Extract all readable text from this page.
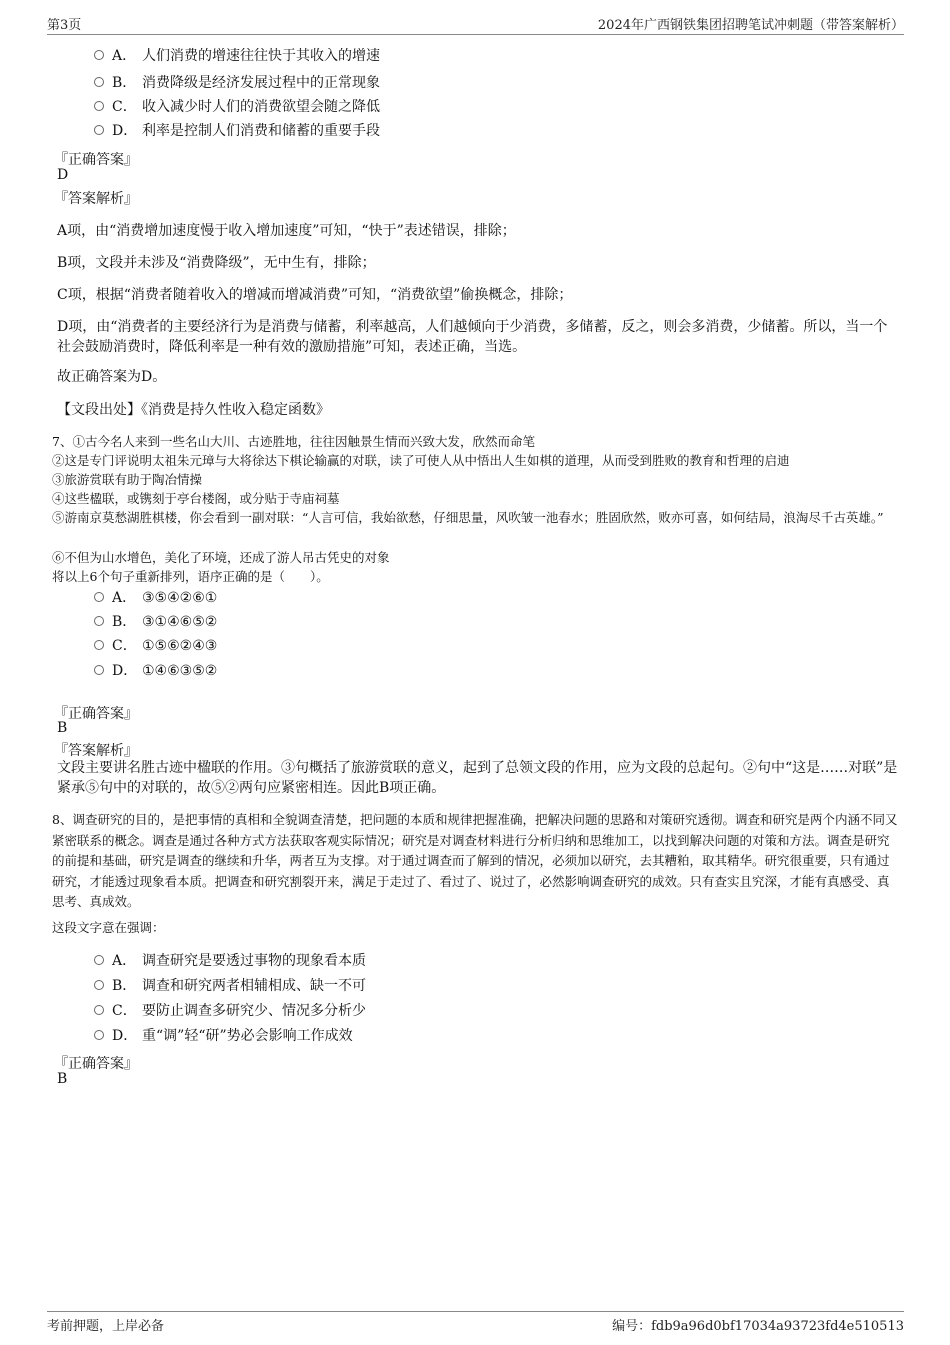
第3页	2024年广西钢铁集团招聘笔试冲刺题（带答案解析）
A． 人们消费的增速往往快于其收入的增速
B． 消费降级是经济发展过程中的正常现象
C． 收入减少时人们的消费欲望会随之降低
D． 利率是控制人们消费和储蓄的重要手段
『正确答案』
D
『答案解析』
A项，由“消费增加速度慢于收入增加速度”可知，“快于”表述错误，排除；
B项，文段并未涉及“消费降级”，无中生有，排除；
C项，根据“消费者随着收入的增减而增减消费”可知，“消费欲望”偷换概念，排除；
D项，由“消费者的主要经济行为是消费与储蓄，利率越高，人们越倾向于少消费，多储蓄，反之，则会多消费，少储蓄。所以，当一个社会鼓励消费时，降低利率是一种有效的激励措施”可知，表述正确，当选。
故正确答案为D。
【文段出处】《消费是持久性收入稳定函数》
7、①古今名人来到一些名山大川、古迹胜地，往往因触景生情而兴致大发，欣然而命笔
②这是专门评说明太祖朱元璋与大将徐达下棋论输赢的对联，读了可使人从中悟出人生如棋的道理，从而受到胜败的教育和哲理的启迪
③旅游赏联有助于陶冶情操
④这些楹联，或镌刻于亭台楼阁，或分贴于寺庙祠墓
⑤游南京莫愁湖胜棋楼，你会看到一副对联：“人言可信，我始欲愁，仔细思量，风吹皱一池春水；胜固欣然，败亦可喜，如何结局，浪淘尽千古英雄。”
⑥不但为山水增色，美化了环境，还成了游人吊古凭史的对象
将以上6个句子重新排列，语序正确的是（　　）。
A． ③⑤④②⑥①
B． ③①④⑥⑤②
C． ①⑤⑥②④③
D． ①④⑥③⑤②
『正确答案』
B
『答案解析』
文段主要讲名胜古迹中楹联的作用。③句概括了旅游赏联的意义，起到了总领文段的作用，应为文段的总起句。②句中“这是……对联”是紧承⑤句中的对联的，故⑤②两句应紧密相连。因此B项正确。
8、调查研究的目的，是把事情的真相和全貌调查清楚，把问题的本质和规律把握准确，把解决问题的思路和对策研究透彻。调查和研究是两个内涵不同又紧密联系的概念。调查是通过各种方式方法获取客观实际情况；研究是对调查材料进行分析归纳和思维加工，以找到解决问题的对策和方法。调查是研究的前提和基础，研究是调查的继续和升华，两者互为支撑。对于通过调查而了解到的情况，必须加以研究，去其糟粕，取其精华。研究很重要，只有通过研究，才能透过现象看本质。把调查和研究割裂开来，满足于走过了、看过了、说过了，必然影响调查研究的成效。只有查实且究深，才能有真感受、真思考、真成效。
这段文字意在强调：
A． 调查研究是要透过事物的现象看本质
B． 调查和研究两者相辅相成、缺一不可
C． 要防止调查多研究少、情况多分析少
D． 重“调”轻“研”势必会影响工作成效
『正确答案』
B
考前押题，上岸必备	编号：fdb9a96d0bf17034a93723fd4e510513
